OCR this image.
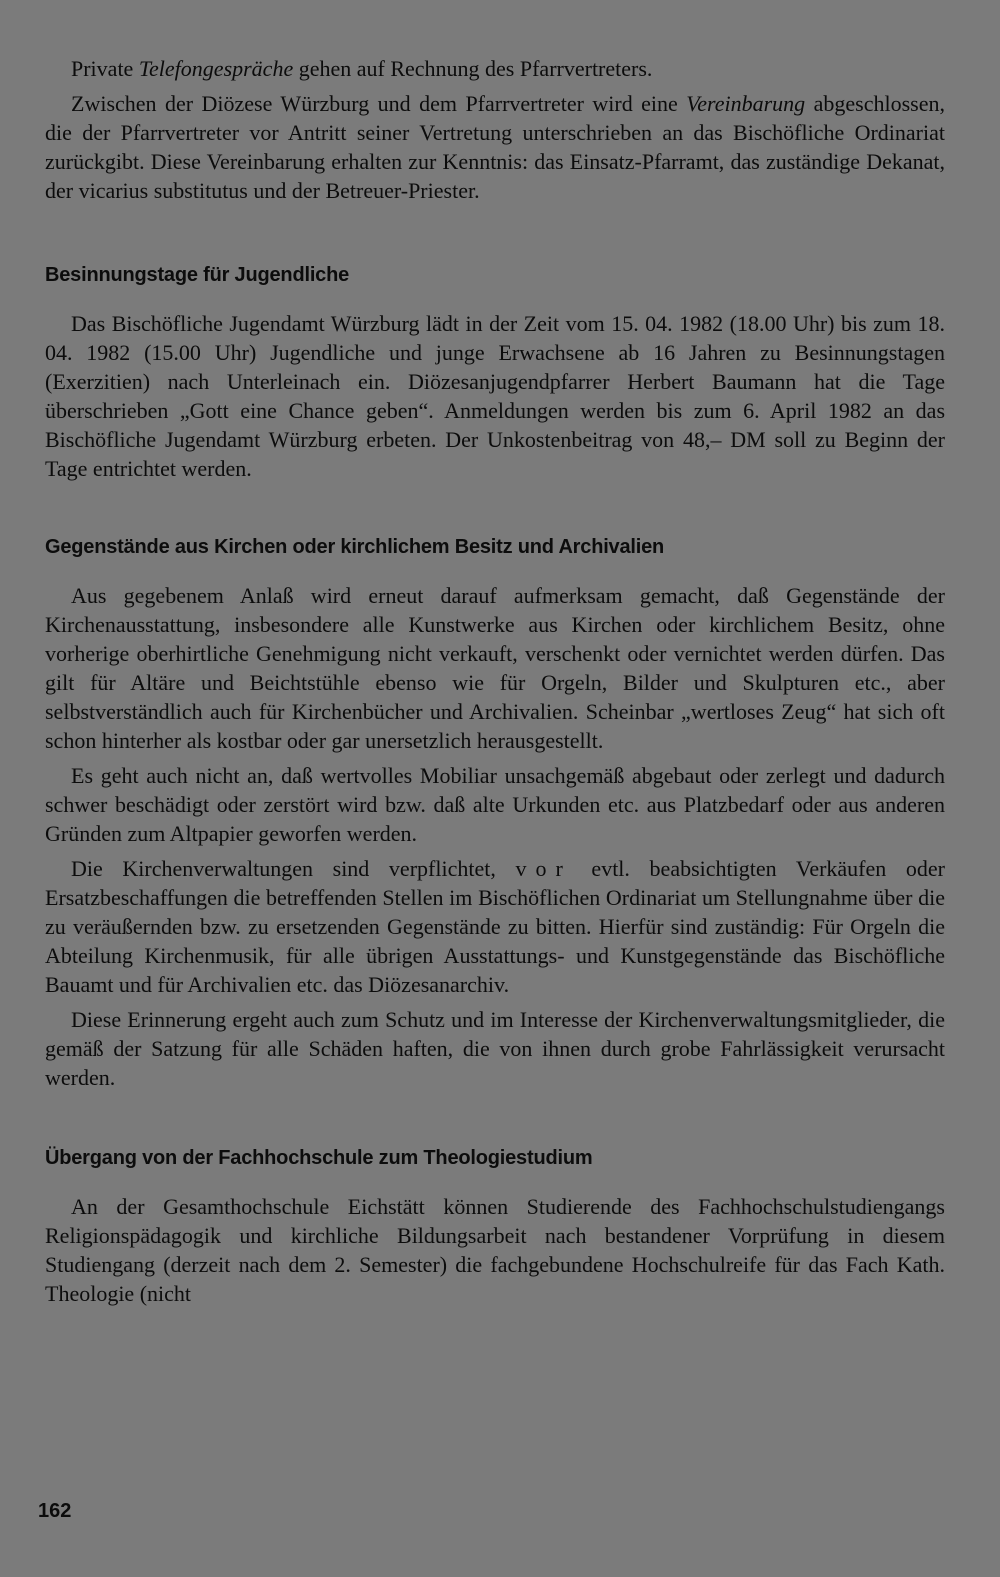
Private Telefongespräche gehen auf Rechnung des Pfarrvertreters.

Zwischen der Diözese Würzburg und dem Pfarrvertreter wird eine Vereinbarung abgeschlossen, die der Pfarrvertreter vor Antritt seiner Vertretung unterschrieben an das Bischöfliche Ordinariat zurückgibt. Diese Vereinbarung erhalten zur Kenntnis: das Einsatz-Pfarramt, das zuständige Dekanat, der vicarius substitutus und der Betreuer-Priester.

Besinnungstage für Jugendliche

Das Bischöfliche Jugendamt Würzburg lädt in der Zeit vom 15. 04. 1982 (18.00 Uhr) bis zum 18. 04. 1982 (15.00 Uhr) Jugendliche und junge Erwachsene ab 16 Jahren zu Besinnungstagen (Exerzitien) nach Unterleinach ein. Diözesanjugendpfarrer Herbert Baumann hat die Tage überschrieben „Gott eine Chance geben“. Anmeldungen werden bis zum 6. April 1982 an das Bischöfliche Jugendamt Würzburg erbeten. Der Unkostenbeitrag von 48,– DM soll zu Beginn der Tage entrichtet werden.

Gegenstände aus Kirchen oder kirchlichem Besitz und Archivalien

Aus gegebenem Anlaß wird erneut darauf aufmerksam gemacht, daß Gegenstände der Kirchenausstattung, insbesondere alle Kunstwerke aus Kirchen oder kirchlichem Besitz, ohne vorherige oberhirtliche Genehmigung nicht verkauft, verschenkt oder vernichtet werden dürfen. Das gilt für Altäre und Beichtstühle ebenso wie für Orgeln, Bilder und Skulpturen etc., aber selbstverständlich auch für Kirchenbücher und Archivalien. Scheinbar „wertloses Zeug“ hat sich oft schon hinterher als kostbar oder gar unersetzlich herausgestellt.

Es geht auch nicht an, daß wertvolles Mobiliar unsachgemäß abgebaut oder zerlegt und dadurch schwer beschädigt oder zerstört wird bzw. daß alte Urkunden etc. aus Platzbedarf oder aus anderen Gründen zum Altpapier geworfen werden.

Die Kirchenverwaltungen sind verpflichtet, vor evtl. beabsichtigten Verkäufen oder Ersatzbeschaffungen die betreffenden Stellen im Bischöflichen Ordinariat um Stellungnahme über die zu veräußernden bzw. zu ersetzenden Gegenstände zu bitten. Hierfür sind zuständig: Für Orgeln die Abteilung Kirchenmusik, für alle übrigen Ausstattungs- und Kunstgegenstände das Bischöfliche Bauamt und für Archivalien etc. das Diözesanarchiv.

Diese Erinnerung ergeht auch zum Schutz und im Interesse der Kirchenverwaltungsmitglieder, die gemäß der Satzung für alle Schäden haften, die von ihnen durch grobe Fahrlässigkeit verursacht werden.

Übergang von der Fachhochschule zum Theologiestudium

An der Gesamthochschule Eichstätt können Studierende des Fachhochschulstudiengangs Religionspädagogik und kirchliche Bildungsarbeit nach bestandener Vorprüfung in diesem Studiengang (derzeit nach dem 2. Semester) die fachgebundene Hochschulreife für das Fach Kath. Theologie (nicht

162
